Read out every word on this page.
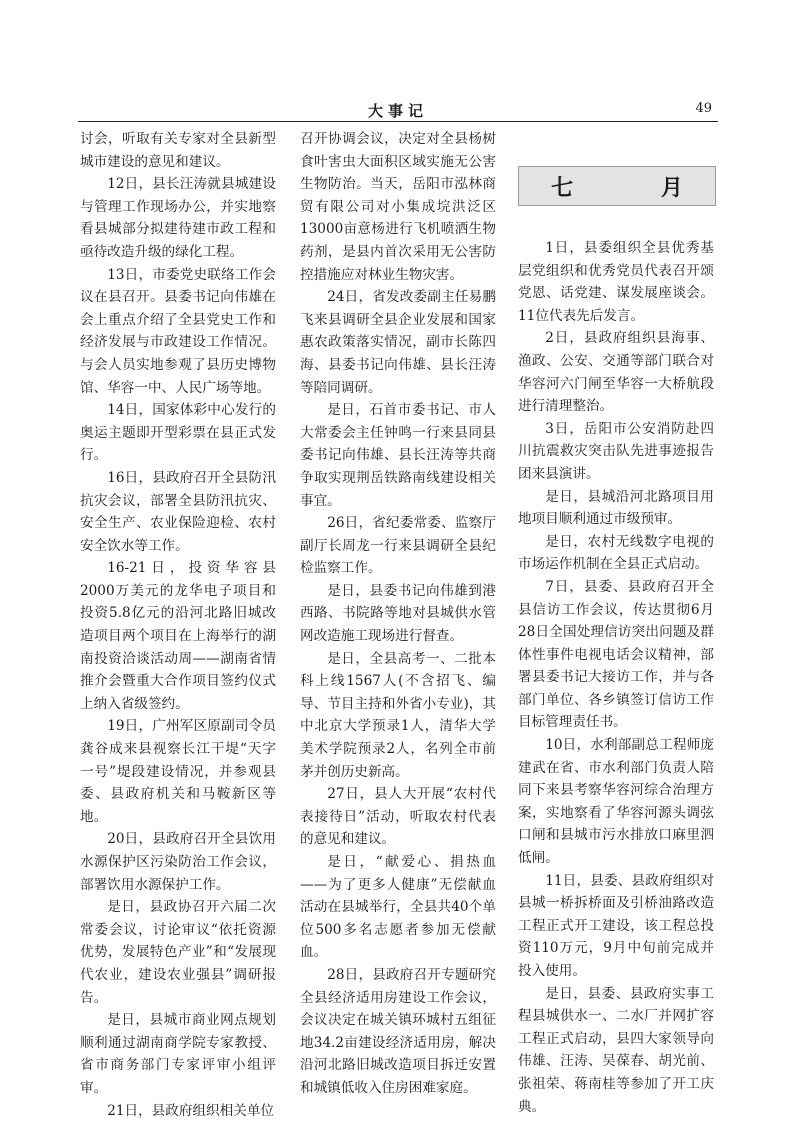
大事记	49

讨会，听取有关专家对全县新型城市建设的意见和建议。

12日，县长汪涛就县城建设与管理工作现场办公，并实地察看县城部分拟建待建市政工程和亟待改造升级的绿化工程。

13日，市委党史联络工作会议在县召开。县委书记向伟雄在会上重点介绍了全县党史工作和经济发展与市政建设工作情况。与会人员实地参观了县历史博物馆、华容一中、人民广场等地。

14日，国家体彩中心发行的奥运主题即开型彩票在县正式发行。

16日，县政府召开全县防汛抗灾会议，部署全县防汛抗灾、安全生产、农业保险迎检、农村安全饮水等工作。

16-21日，投资华容县2000万美元的龙华电子项目和投资5.8亿元的沿河北路旧城改造项目两个项目在上海举行的湖南投资洽谈活动周——湖南省情推介会暨重大合作项目签约仪式上纳入省级签约。

19日，广州军区原副司令员龚谷成来县视察长江干堤“天字一号”堤段建设情况，并参观县委、县政府机关和马鞍新区等地。

20日，县政府召开全县饮用水源保护区污染防治工作会议，部署饮用水源保护工作。

是日，县政协召开六届二次常委会议，讨论审议“依托资源优势，发展特色产业”和“发展现代农业，建设农业强县”调研报告。

是日，县城市商业网点规划顺利通过湖南商学院专家教授、省市商务部门专家评审小组评审。

21日，县政府组织相关单位

召开协调会议，决定对全县杨树食叶害虫大面积区域实施无公害生物防治。当天，岳阳市泓林商贸有限公司对小集成垸洪泛区13000亩意杨进行飞机喷洒生物药剂，是县内首次采用无公害防控措施应对林业生物灾害。

24日，省发改委副主任易鹏飞来县调研全县企业发展和国家惠农政策落实情况，副市长陈四海、县委书记向伟雄、县长汪涛等陪同调研。

是日，石首市委书记、市人大常委会主任钟鸣一行来县同县委书记向伟雄、县长汪涛等共商争取实现荆岳铁路南线建设相关事宜。

26日，省纪委常委、监察厅副厅长周龙一行来县调研全县纪检监察工作。

是日，县委书记向伟雄到港西路、书院路等地对县城供水管网改造施工现场进行督查。

是日，全县高考一、二批本科上线1567人(不含招飞、编导、节目主持和外省小专业)，其中北京大学预录1人，清华大学美术学院预录2人，名列全市前茅并创历史新高。

27日，县人大开展“农村代表接待日”活动，听取农村代表的意见和建议。

是日，“献爱心、捐热血——为了更多人健康”无偿献血活动在县城举行，全县共40个单位500多名志愿者参加无偿献血。

28日，县政府召开专题研究全县经济适用房建设工作会议，会议决定在城关镇环城村五组征地34.2亩建设经济适用房，解决沿河北路旧城改造项目拆迁安置和城镇低收入住房困难家庭。

七 月

1日，县委组织全县优秀基层党组织和优秀党员代表召开颂党恩、话党建、谋发展座谈会。11位代表先后发言。

2日，县政府组织县海事、渔政、公安、交通等部门联合对华容河六门闸至华容一大桥航段进行清理整治。

3日，岳阳市公安消防赴四川抗震救灾突击队先进事迹报告团来县演讲。

是日，县城沿河北路项目用地项目顺利通过市级预审。

是日，农村无线数字电视的市场运作机制在全县正式启动。

7日，县委、县政府召开全县信访工作会议，传达贯彻6月28日全国处理信访突出问题及群体性事件电视电话会议精神，部署县委书记大接访工作，并与各部门单位、各乡镇签订信访工作目标管理责任书。

10日，水利部副总工程师庞建武在省、市水利部门负责人陪同下来县考察华容河综合治理方案，实地察看了华容河源头调弦口闸和县城市污水排放口麻里泗低闸。

11日，县委、县政府组织对县城一桥拆桥面及引桥油路改造工程正式开工建设，该工程总投资110万元，9月中旬前完成并投入使用。

是日，县委、县政府实事工程县城供水一、二水厂并网扩容工程正式启动，县四大家领导向伟雄、汪涛、吴葆春、胡光前、张祖荣、蒋南桂等参加了开工庆典。
